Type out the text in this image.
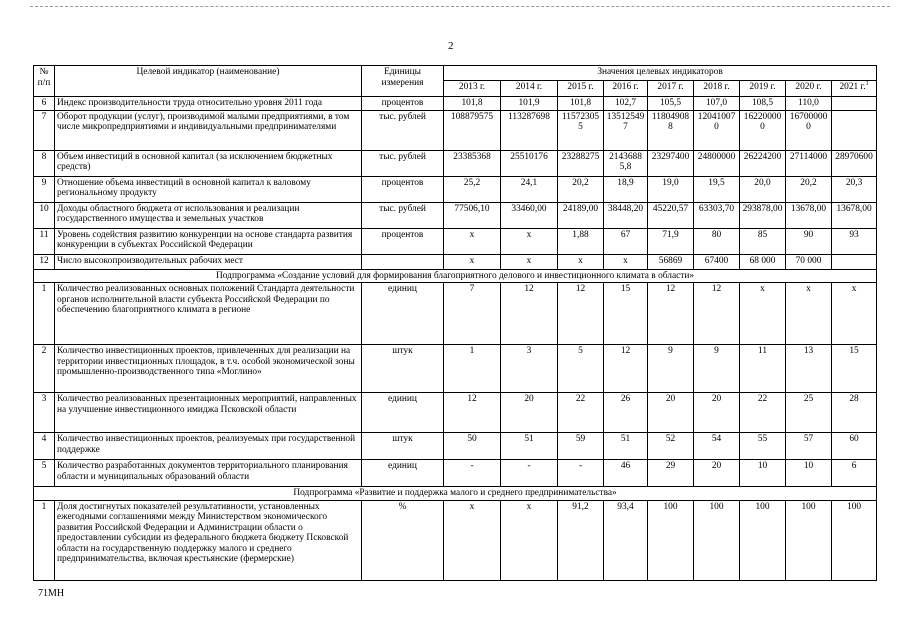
2
№ п/п	Целевой индикатор (наименование)	Единицы измерения	Значения целевых индикаторов								
			2013 г.	2014 г.	2015 г.	2016 г.	2017 г.	2018 г.	2019 г.	2020 г.	2021 г.$^1$
6	Индекс производительности труда относительно уровня 2011 года	процентов	101,8	101,9	101,8	102,7	105,5	107,0	108,5	110,0	
7	Оборот продукции (услуг), производимой малыми предприятиями, в том числе микропредприятиями и индивидуальными предпринимателями	тыс. рублей	108879575	113287698	115723055	135125497	118049088	120410070	162200000	167000000	
8	Объем инвестиций в основной капитал (за исключением бюджетных средств)	тыс. рублей	23385368	25510176	23288275	21436885,8	23297400	24800000	26224200	27114000	28970600
9	Отношение объема инвестиций в основной капитал к валовому региональному продукту	процентов	25,2	24,1	20,2	18,9	19,0	19,5	20,0	20,2	20,3
10	Доходы областного бюджета от использования и реализации государственного имущества и земельных участков	тыс. рублей	77506,10	33460,00	24189,00	38448,20	45220,57	63303,70	293878,00	13678,00	13678,00
11	Уровень содействия развитию конкуренции на основе стандарта развития конкуренции в субъектах Российской Федерации	процентов	x	x	1,88	67	71,9	80	85	90	93
12	Число высокопроизводительных рабочих мест		x	x	x	x	56869	67400	68 000	70 000	
Подпрограмма «Создание условий для формирования благоприятного делового и инвестиционного климата в области»											
1	Количество реализованных основных положений Стандарта деятельности органов исполнительной власти субъекта Российской Федерации по обеспечению благоприятного климата в регионе	единиц	7	12	12	15	12	12	x	x	x
2	Количество инвестиционных проектов, привлеченных для реализации на территории инвестиционных площадок, в т.ч. особой экономической зоны промышленно-производственного типа «Моглино»	штук	1	3	5	12	9	9	11	13	15
3	Количество реализованных презентационных мероприятий, направленных на улучшение инвестиционного имиджа Псковской области	единиц	12	20	22	26	20	20	22	25	28
4	Количество инвестиционных проектов, реализуемых при государственной поддержке	штук	50	51	59	51	52	54	55	57	60
5	Количество разработанных документов территориального планирования области и муниципальных образований области	единиц	-	-	-	46	29	20	10	10	6
Подпрограмма «Развитие и поддержка малого и среднего предпринимательства»											
1	Доля достигнутых показателей результативности, установленных ежегодными соглашениями между Министерством экономического развития Российской Федерации и Администрации области о предоставлении субсидии из федерального бюджета бюджету Псковской области на государственную поддержку малого и среднего предпринимательства, включая крестьянские (фермерские)	%	x	x	91,2	93,4	100	100	100	100	100
71МН
